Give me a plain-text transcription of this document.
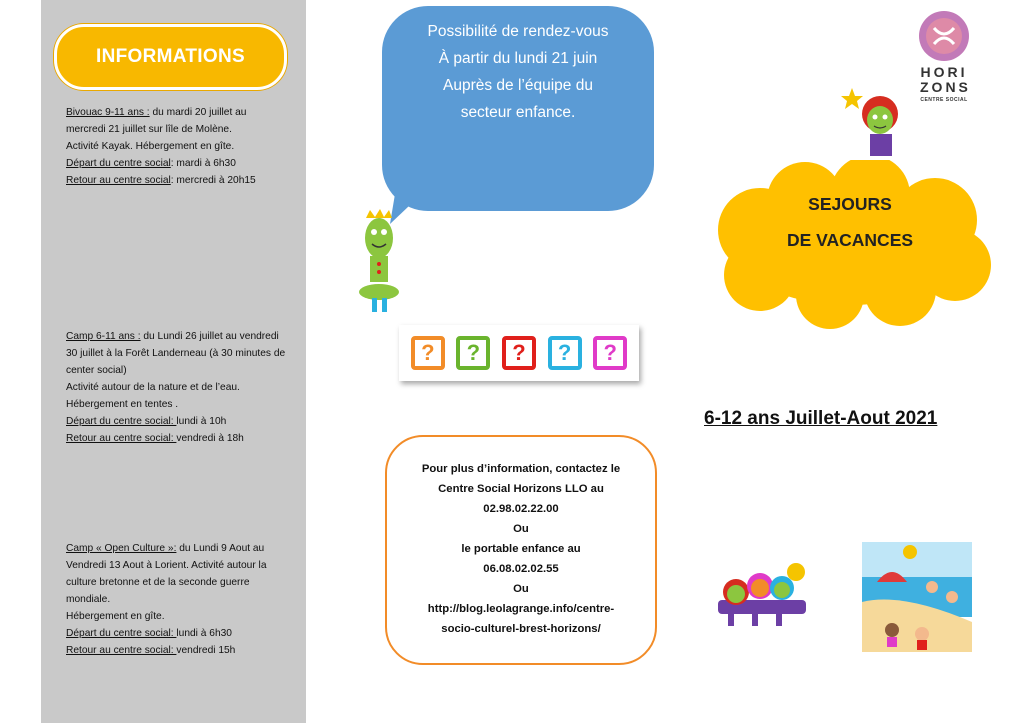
INFORMATIONS
Bivouac 9-11 ans : du mardi 20 juillet au mercredi 21 juillet sur lîle de Molène.
Activité Kayak. Hébergement en gîte.
Départ du centre social: mardi à 6h30
Retour au centre social: mercredi à 20h15
Camp 6-11 ans : du Lundi 26 juillet au vendredi 30 juillet à la Forêt Landerneau (à 30 minutes de center social)
Activité autour de la nature et de l’eau. Hébergement en tentes .
Départ du centre social: lundi à 10h
Retour au centre social: vendredi à 18h
Camp « Open Culture »: du Lundi 9 Aout au Vendredi 13 Aout à Lorient. Activité autour la culture bretonne et de la seconde guerre mondiale.
Hébergement en gîte.
Départ du centre social: lundi à 6h30
Retour au centre social: vendredi 15h
Possibilité de rendez-vous
À partir du lundi 21 juin
Auprès de l’équipe du
secteur enfance.
?	?	?	?	?
Pour plus d’information, contactez le
Centre Social Horizons LLO au
02.98.02.22.00
Ou
le portable enfance au
06.08.02.02.55
Ou
http://blog.leolagrange.info/centre-
socio-culturel-brest-horizons/
HORI
ZONS
CENTRE SOCIAL
SEJOURS
DE VACANCES
6-12 ans Juillet-Aout 2021
